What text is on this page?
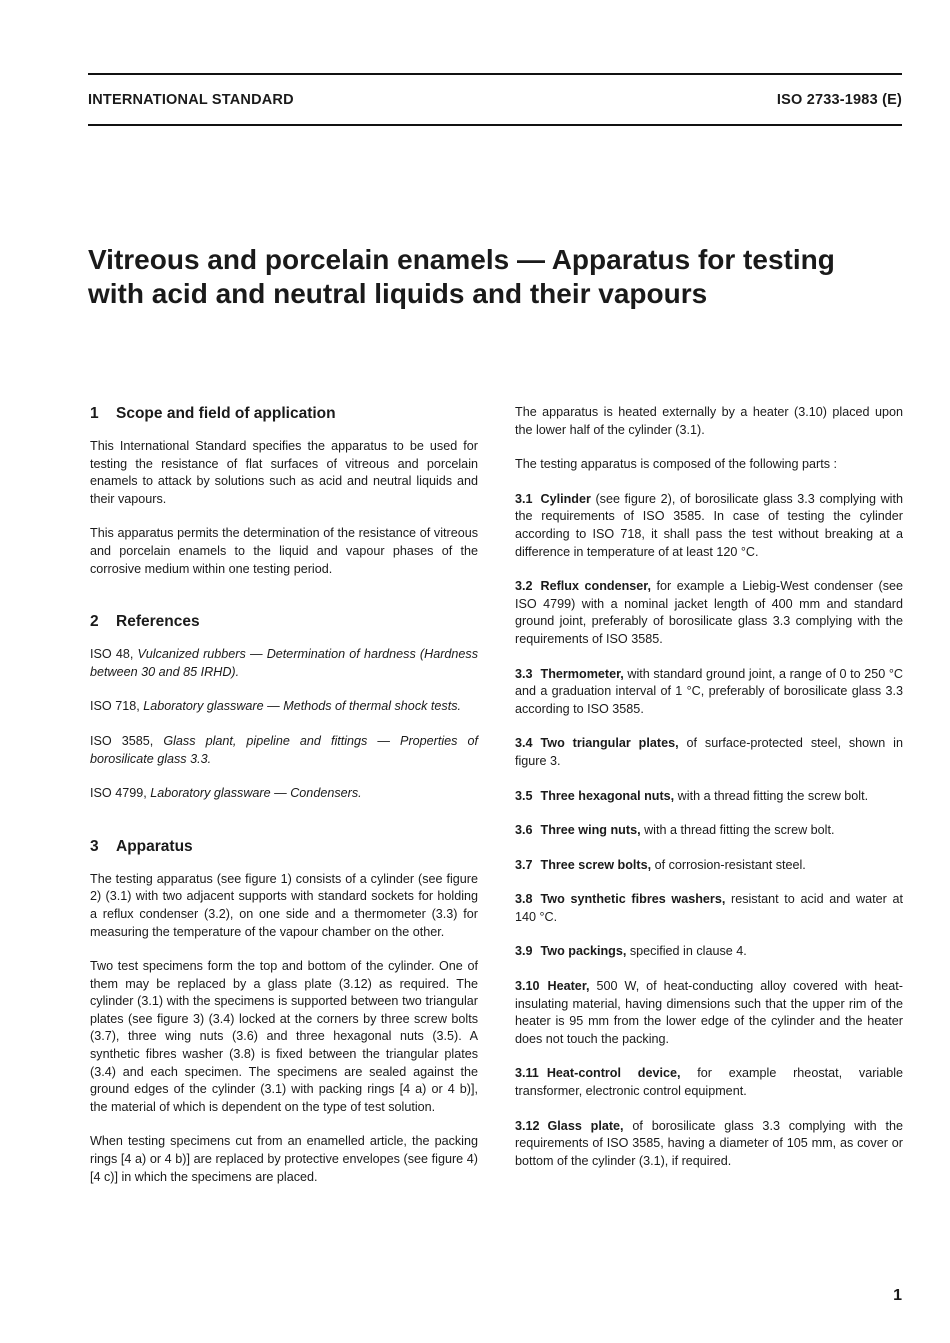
INTERNATIONAL STANDARD	ISO 2733-1983 (E)
Vitreous and porcelain enamels — Apparatus for testing
with acid and neutral liquids and their vapours
1 Scope and field of application

This International Standard specifies the apparatus to be used for testing the resistance of flat surfaces of vitreous and porcelain enamels to attack by solutions such as acid and neutral liquids and their vapours.

This apparatus permits the determination of the resistance of vitreous and porcelain enamels to the liquid and vapour phases of the corrosive medium within one testing period.

2 References

ISO 48, Vulcanized rubbers — Determination of hardness (Hardness between 30 and 85 IRHD).

ISO 718, Laboratory glassware — Methods of thermal shock tests.

ISO 3585, Glass plant, pipeline and fittings — Properties of borosilicate glass 3.3.

ISO 4799, Laboratory glassware — Condensers.

3 Apparatus

The testing apparatus (see figure 1) consists of a cylinder (see figure 2) (3.1) with two adjacent supports with standard sockets for holding a reflux condenser (3.2), on one side and a thermometer (3.3) for measuring the temperature of the vapour chamber on the other.

Two test specimens form the top and bottom of the cylinder. One of them may be replaced by a glass plate (3.12) as required. The cylinder (3.1) with the specimens is supported between two triangular plates (see figure 3) (3.4) locked at the corners by three screw bolts (3.7), three wing nuts (3.6) and three hexagonal nuts (3.5). A synthetic fibres washer (3.8) is fixed between the triangular plates (3.4) and each specimen. The specimens are sealed against the ground edges of the cylinder (3.1) with packing rings [4 a) or 4 b)], the material of which is dependent on the type of test solution.

When testing specimens cut from an enamelled article, the packing rings [4 a) or 4 b)] are replaced by protective envelopes (see figure 4) [4 c)] in which the specimens are placed.

The apparatus is heated externally by a heater (3.10) placed upon the lower half of the cylinder (3.1).

The testing apparatus is composed of the following parts :

3.1 Cylinder (see figure 2), of borosilicate glass 3.3 complying with the requirements of ISO 3585. In case of testing the cylinder according to ISO 718, it shall pass the test without breaking at a difference in temperature of at least 120 °C.

3.2 Reflux condenser, for example a Liebig-West condenser (see ISO 4799) with a nominal jacket length of 400 mm and standard ground joint, preferably of borosilicate glass 3.3 complying with the requirements of ISO 3585.

3.3 Thermometer, with standard ground joint, a range of 0 to 250 °C and a graduation interval of 1 °C, preferably of borosilicate glass 3.3 according to ISO 3585.

3.4 Two triangular plates, of surface-protected steel, shown in figure 3.

3.5 Three hexagonal nuts, with a thread fitting the screw bolt.

3.6 Three wing nuts, with a thread fitting the screw bolt.

3.7 Three screw bolts, of corrosion-resistant steel.

3.8 Two synthetic fibres washers, resistant to acid and water at 140 °C.

3.9 Two packings, specified in clause 4.

3.10 Heater, 500 W, of heat-conducting alloy covered with heat-insulating material, having dimensions such that the upper rim of the heater is 95 mm from the lower edge of the cylinder and the heater does not touch the packing.

3.11 Heat-control device, for example rheostat, variable transformer, electronic control equipment.

3.12 Glass plate, of borosilicate glass 3.3 complying with the requirements of ISO 3585, having a diameter of 105 mm, as cover or bottom of the cylinder (3.1), if required.

1
